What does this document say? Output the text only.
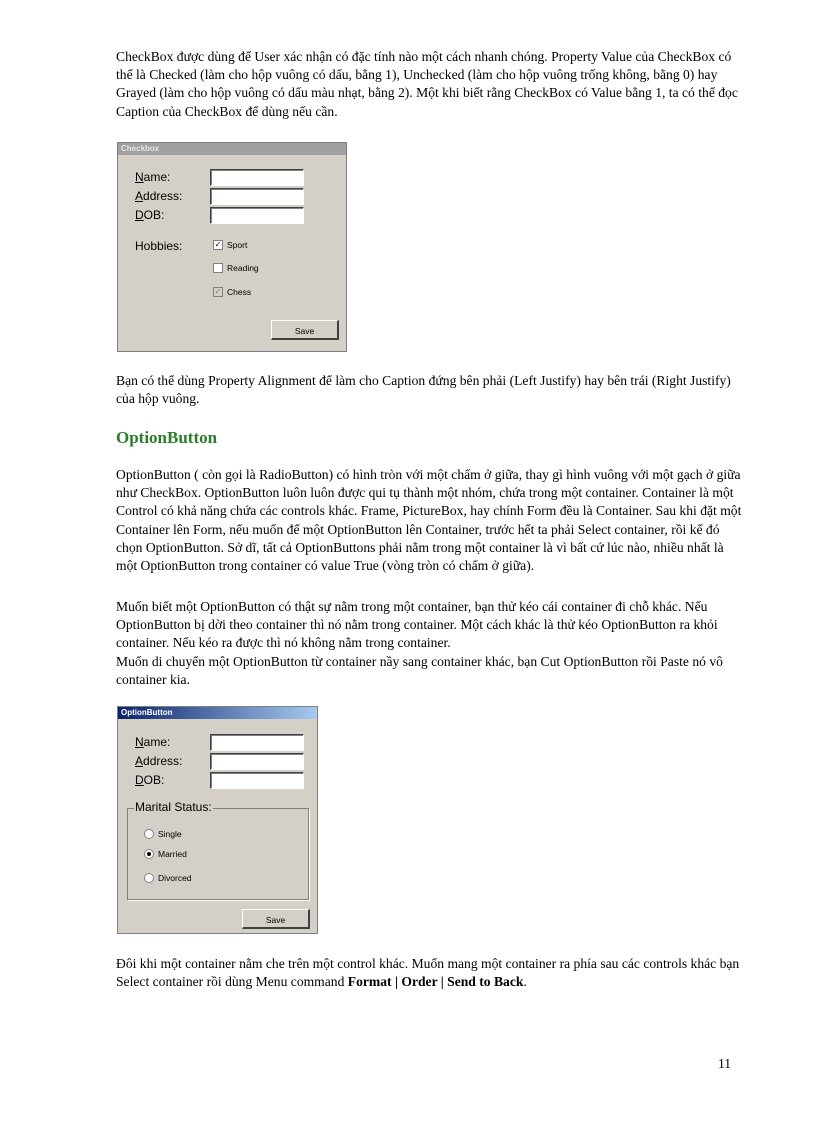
CheckBox được dùng để User xác nhận có đặc tính nào một cách nhanh chóng. Property Value của CheckBox có thể là Checked (làm cho hộp vuông có dấu, bằng 1), Unchecked (làm cho hộp vuông trống không, bằng 0) hay Grayed (làm cho hộp vuông có dấu màu nhạt, bằng 2). Một khi biết rằng CheckBox có Value bằng 1, ta có thể đọc Caption của CheckBox để dùng nếu cần.

Checkbox
Name:
Address:
DOB:
Hobbies:	✓ Sport
Reading
✓ Chess
Save

Bạn có thể dùng Property Alignment để làm cho Caption đứng bên phải (Left Justify) hay bên trái (Right Justify) của hộp vuông.

OptionButton

OptionButton ( còn gọi là RadioButton) có hình tròn với một chấm ở giữa, thay gì hình vuông với một gạch ở giữa như CheckBox. OptionButton luôn luôn được qui tụ thành một nhóm, chứa trong một container. Container là một Control có khả năng chứa các controls khác. Frame, PictureBox, hay chính Form đều là Container. Sau khi đặt một Container lên Form, nếu muốn để một OptionButton lên Container, trước hết ta phải Select container, rồi kế đó chọn OptionButton. Sở dĩ, tất cả OptionButtons phải nằm trong một container là vì bất cứ lúc nào, nhiều nhất là một OptionButton trong container có value True (vòng tròn có chấm ở giữa).

Muốn biết một OptionButton có thật sự nằm trong một container, bạn thử kéo cái container đi chỗ khác. Nếu OptionButton bị dời theo container thì nó nằm trong container. Một cách khác là thử kéo OptionButton ra khỏi container. Nếu kéo ra được thì nó không nằm trong container.

Muốn di chuyển một OptionButton từ container nầy sang container khác, bạn Cut OptionButton rồi Paste nó vô container kia.

OptionButton
Name:
Address:
DOB:
Marital Status:
Single
Married
Divorced
Save

Đôi khi một container nằm che trên một control khác. Muốn mang một container ra phía sau các controls khác bạn Select container rồi dùng Menu command Format | Order | Send to Back.

11
